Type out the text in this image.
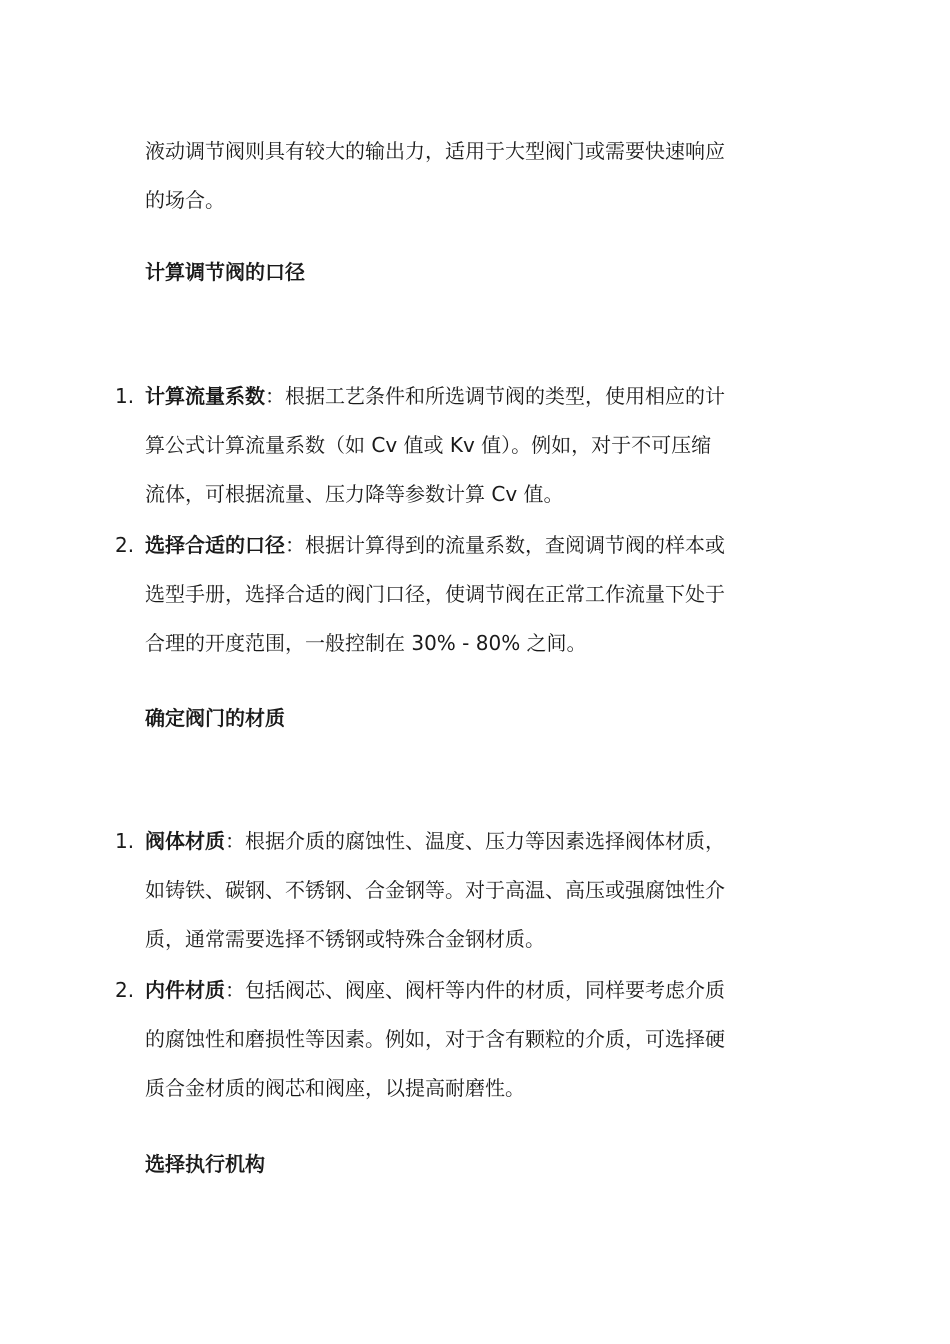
液动调节阀则具有较大的输出力，适用于大型阀门或需要快速响应
的场合。
计算调节阀的口径
1. 计算流量系数：根据工艺条件和所选调节阀的类型，使用相应的计
算公式计算流量系数（如 Cv 值或 Kv 值）。例如，对于不可压缩
流体，可根据流量、压力降等参数计算 Cv 值。
2. 选择合适的口径：根据计算得到的流量系数，查阅调节阀的样本或
选型手册，选择合适的阀门口径，使调节阀在正常工作流量下处于
合理的开度范围，一般控制在 30% - 80% 之间。
确定阀门的材质
1. 阀体材质：根据介质的腐蚀性、温度、压力等因素选择阀体材质，
如铸铁、碳钢、不锈钢、合金钢等。对于高温、高压或强腐蚀性介
质，通常需要选择不锈钢或特殊合金钢材质。
2. 内件材质：包括阀芯、阀座、阀杆等内件的材质，同样要考虑介质
的腐蚀性和磨损性等因素。例如，对于含有颗粒的介质，可选择硬
质合金材质的阀芯和阀座，以提高耐磨性。
选择执行机构
